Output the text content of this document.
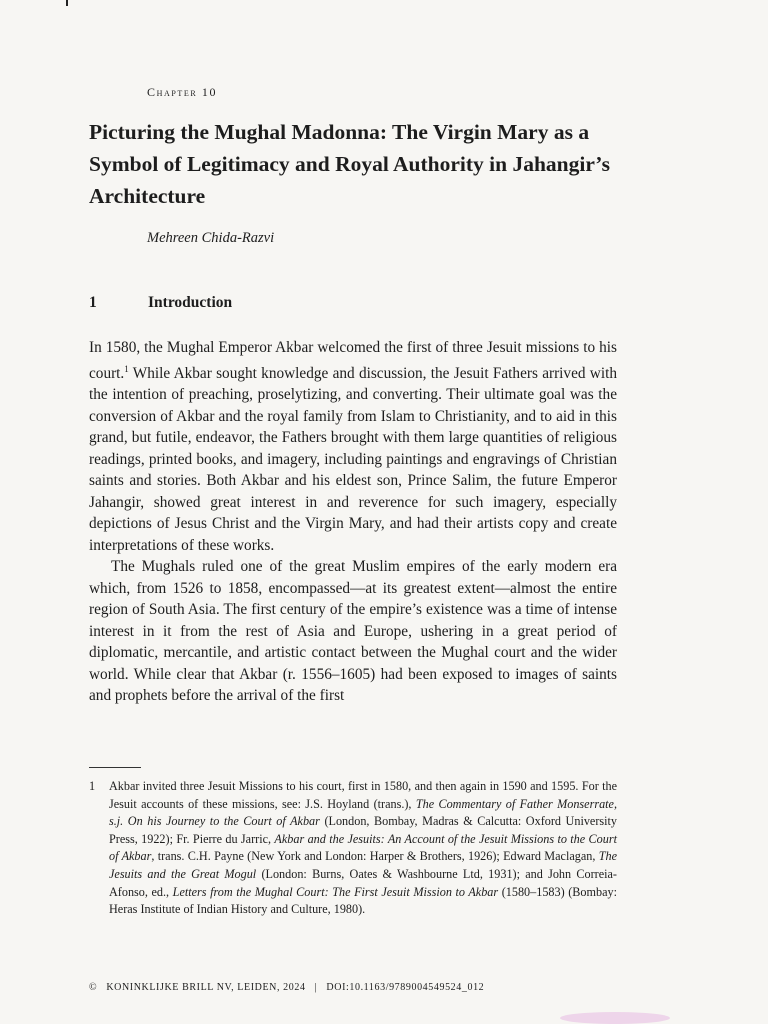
Chapter 10
Picturing the Mughal Madonna: The Virgin Mary as a Symbol of Legitimacy and Royal Authority in Jahangir’s Architecture
Mehreen Chida-Razvi
1	Introduction

In 1580, the Mughal Emperor Akbar welcomed the first of three Jesuit missions to his court.$^1$ While Akbar sought knowledge and discussion, the Jesuit Fathers arrived with the intention of preaching, proselytizing, and converting. Their ultimate goal was the conversion of Akbar and the royal family from Islam to Christianity, and to aid in this grand, but futile, endeavor, the Fathers brought with them large quantities of religious readings, printed books, and imagery, including paintings and engravings of Christian saints and stories. Both Akbar and his eldest son, Prince Salim, the future Emperor Jahangir, showed great interest in and reverence for such imagery, especially depictions of Jesus Christ and the Virgin Mary, and had their artists copy and create interpretations of these works.

The Mughals ruled one of the great Muslim empires of the early modern era which, from 1526 to 1858, encompassed—at its greatest extent—almost the entire region of South Asia. The first century of the empire’s existence was a time of intense interest in it from the rest of Asia and Europe, ushering in a great period of diplomatic, mercantile, and artistic contact between the Mughal court and the wider world. While clear that Akbar (r. 1556–1605) had been exposed to images of saints and prophets before the arrival of the first

1 Akbar invited three Jesuit Missions to his court, first in 1580, and then again in 1590 and 1595. For the Jesuit accounts of these missions, see: J.S. Hoyland (trans.), The Commentary of Father Monserrate, s.j. On his Journey to the Court of Akbar (London, Bombay, Madras & Calcutta: Oxford University Press, 1922); Fr. Pierre du Jarric, Akbar and the Jesuits: An Account of the Jesuit Missions to the Court of Akbar, trans. C.H. Payne (New York and London: Harper & Brothers, 1926); Edward Maclagan, The Jesuits and the Great Mogul (London: Burns, Oates & Washbourne Ltd, 1931); and John Correia-Afonso, ed., Letters from the Mughal Court: The First Jesuit Mission to Akbar (1580–1583) (Bombay: Heras Institute of Indian History and Culture, 1980).
© KONINKLIJKE BRILL NV, LEIDEN, 2024 | DOI:10.1163/9789004549524_012
